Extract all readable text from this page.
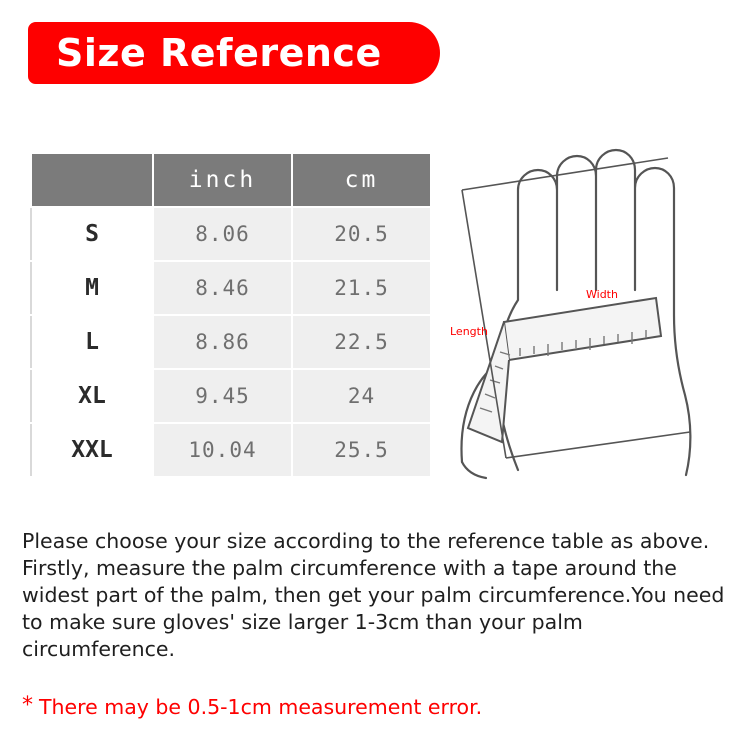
Size Reference
	inch	cm
S	8.06	20.5
M	8.46	21.5
L	8.86	22.5
XL	9.45	24
XXL	10.04	25.5
Width
Length
Please choose your size according to the reference table as above. Firstly, measure the palm circumference with a tape around the widest part of the palm, then get your palm circumference.You need to make sure gloves' size larger 1-3cm than your palm circumference.
* There may be 0.5-1cm measurement error.
